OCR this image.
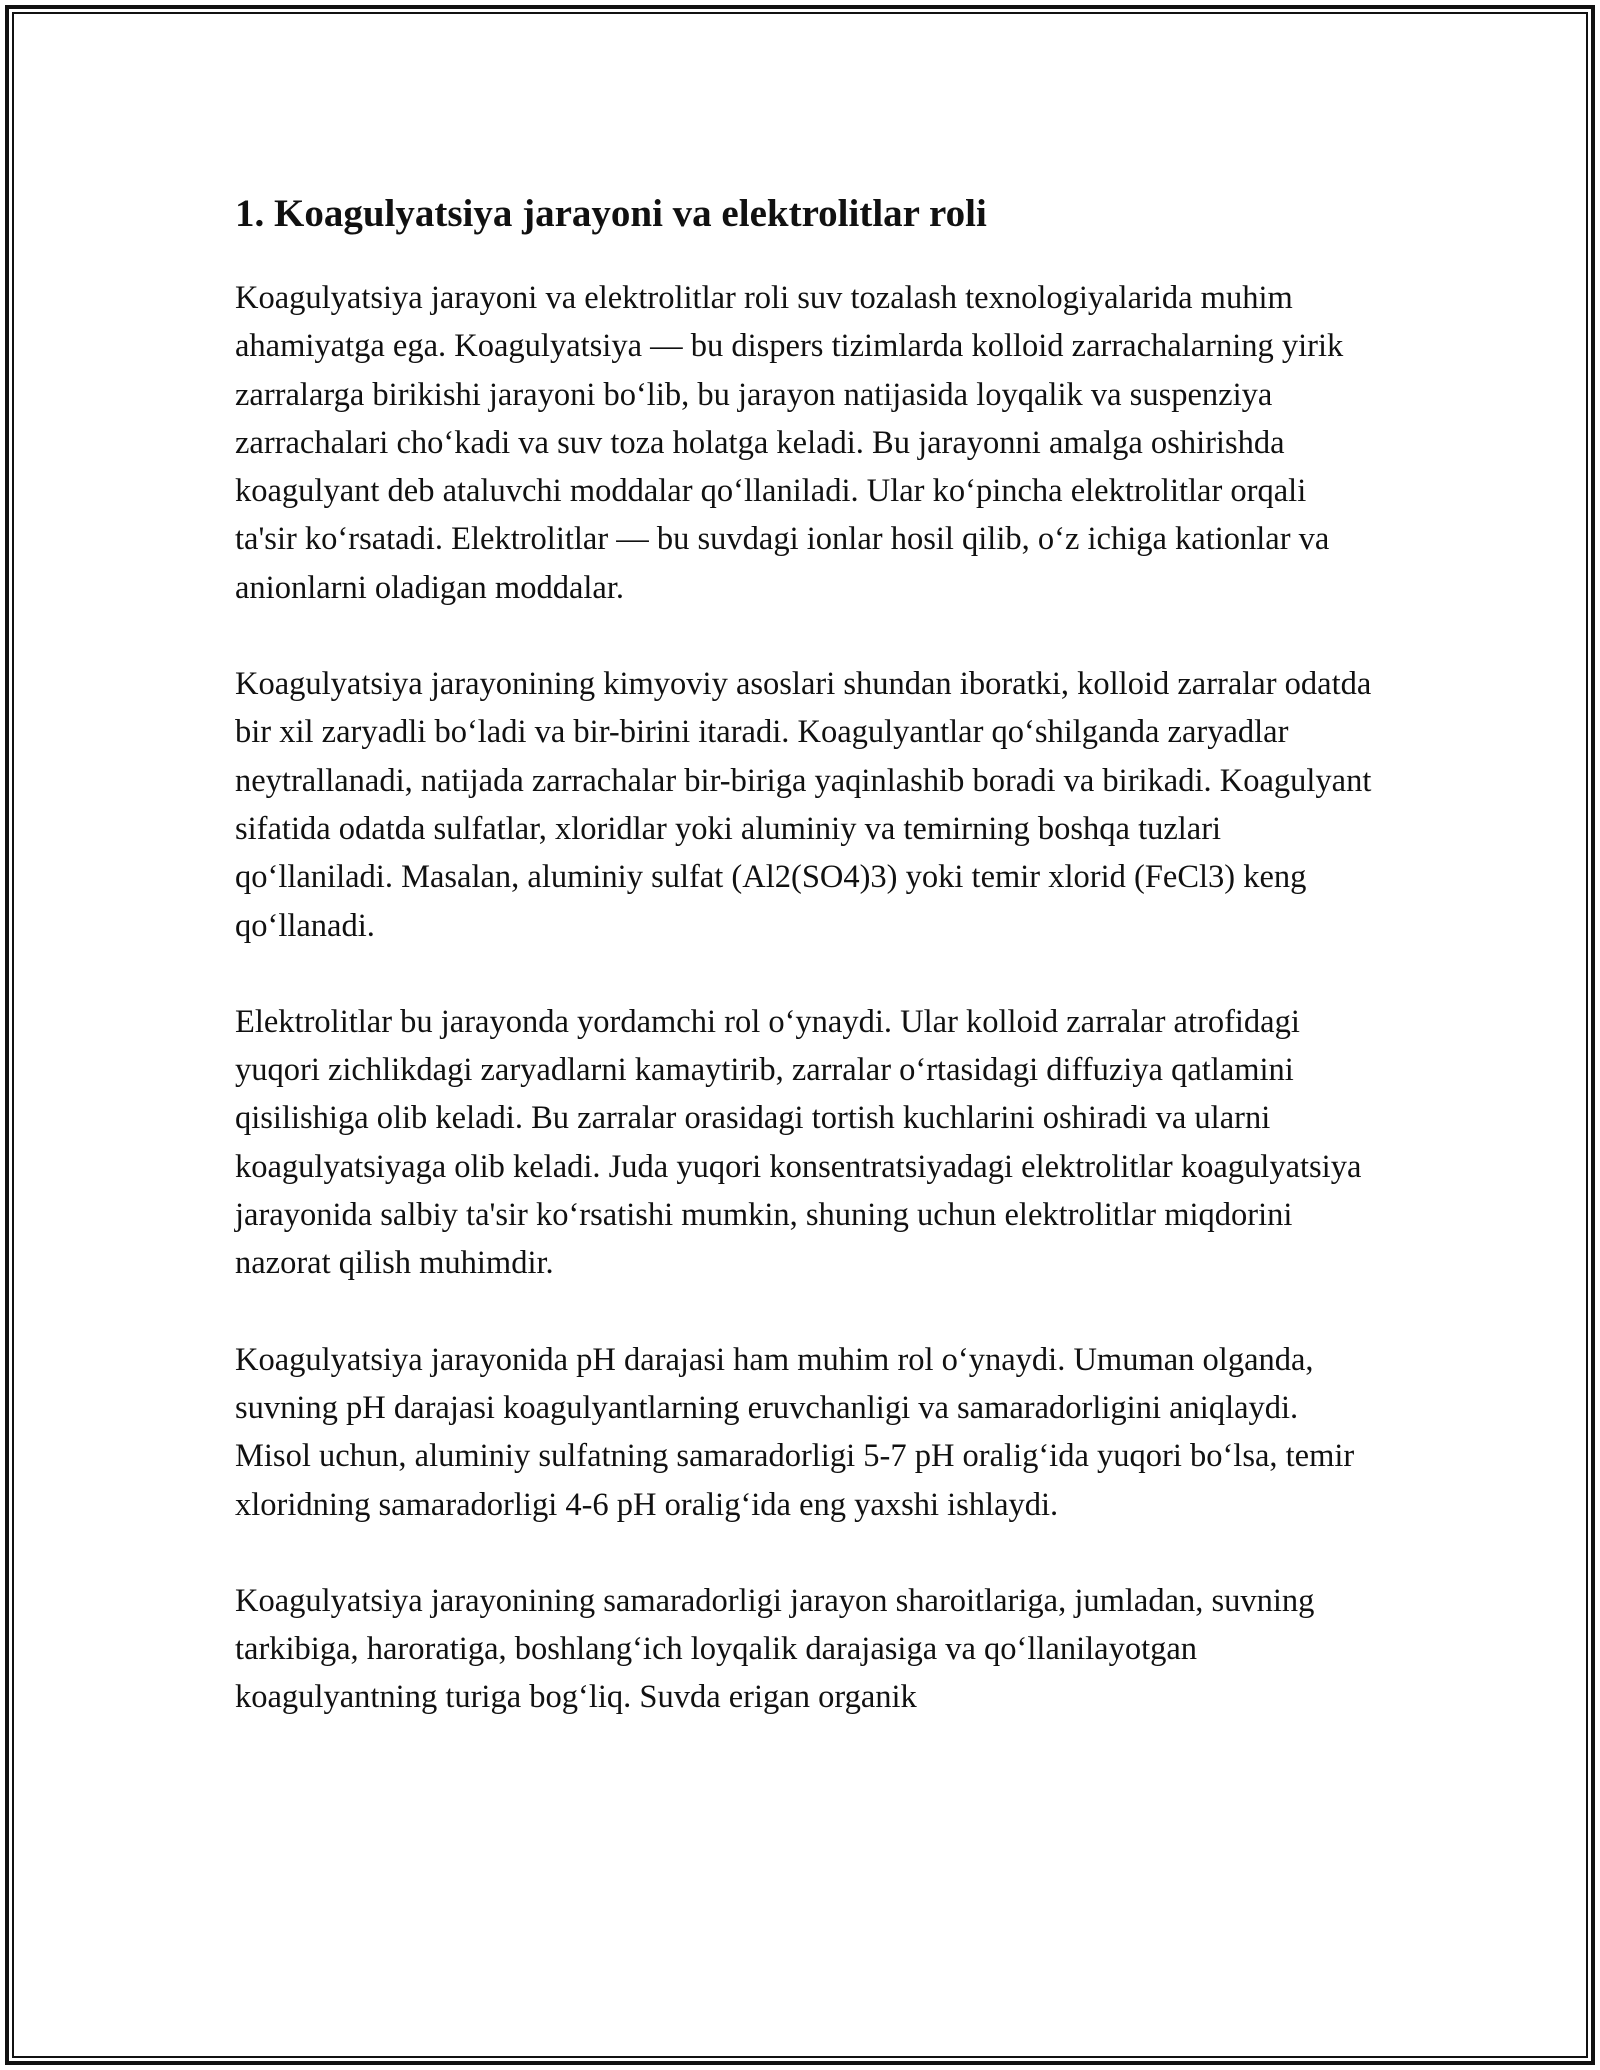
1. Koagulyatsiya jarayoni va elektrolitlar roli

Koagulyatsiya jarayoni va elektrolitlar roli suv tozalash texnologiyalarida muhim ahamiyatga ega. Koagulyatsiya — bu dispers tizimlarda kolloid zarrachalarning yirik zarralarga birikishi jarayoni bo‘lib, bu jarayon natijasida loyqalik va suspenziya zarrachalari cho‘kadi va suv toza holatga keladi. Bu jarayonni amalga oshirishda koagulyant deb ataluvchi moddalar qo‘llaniladi. Ular ko‘pincha elektrolitlar orqali ta'sir ko‘rsatadi. Elektrolitlar — bu suvdagi ionlar hosil qilib, o‘z ichiga kationlar va anionlarni oladigan moddalar.

Koagulyatsiya jarayonining kimyoviy asoslari shundan iboratki, kolloid zarralar odatda bir xil zaryadli bo‘ladi va bir-birini itaradi. Koagulyantlar qo‘shilganda zaryadlar neytrallanadi, natijada zarrachalar bir-biriga yaqinlashib boradi va birikadi. Koagulyant sifatida odatda sulfatlar, xloridlar yoki aluminiy va temirning boshqa tuzlari qo‘llaniladi. Masalan, aluminiy sulfat (Al2(SO4)3) yoki temir xlorid (FeCl3) keng qo‘llanadi.

Elektrolitlar bu jarayonda yordamchi rol o‘ynaydi. Ular kolloid zarralar atrofidagi yuqori zichlikdagi zaryadlarni kamaytirib, zarralar o‘rtasidagi diffuziya qatlamini qisilishiga olib keladi. Bu zarralar orasidagi tortish kuchlarini oshiradi va ularni koagulyatsiyaga olib keladi. Juda yuqori konsentratsiyadagi elektrolitlar koagulyatsiya jarayonida salbiy ta'sir ko‘rsatishi mumkin, shuning uchun elektrolitlar miqdorini nazorat qilish muhimdir.

Koagulyatsiya jarayonida pH darajasi ham muhim rol o‘ynaydi. Umuman olganda, suvning pH darajasi koagulyantlarning eruvchanligi va samaradorligini aniqlaydi. Misol uchun, aluminiy sulfatning samaradorligi 5-7 pH oralig‘ida yuqori bo‘lsa, temir xloridning samaradorligi 4-6 pH oralig‘ida eng yaxshi ishlaydi.

Koagulyatsiya jarayonining samaradorligi jarayon sharoitlariga, jumladan, suvning tarkibiga, haroratiga, boshlang‘ich loyqalik darajasiga va qo‘llanilayotgan koagulyantning turiga bog‘liq. Suvda erigan organik
